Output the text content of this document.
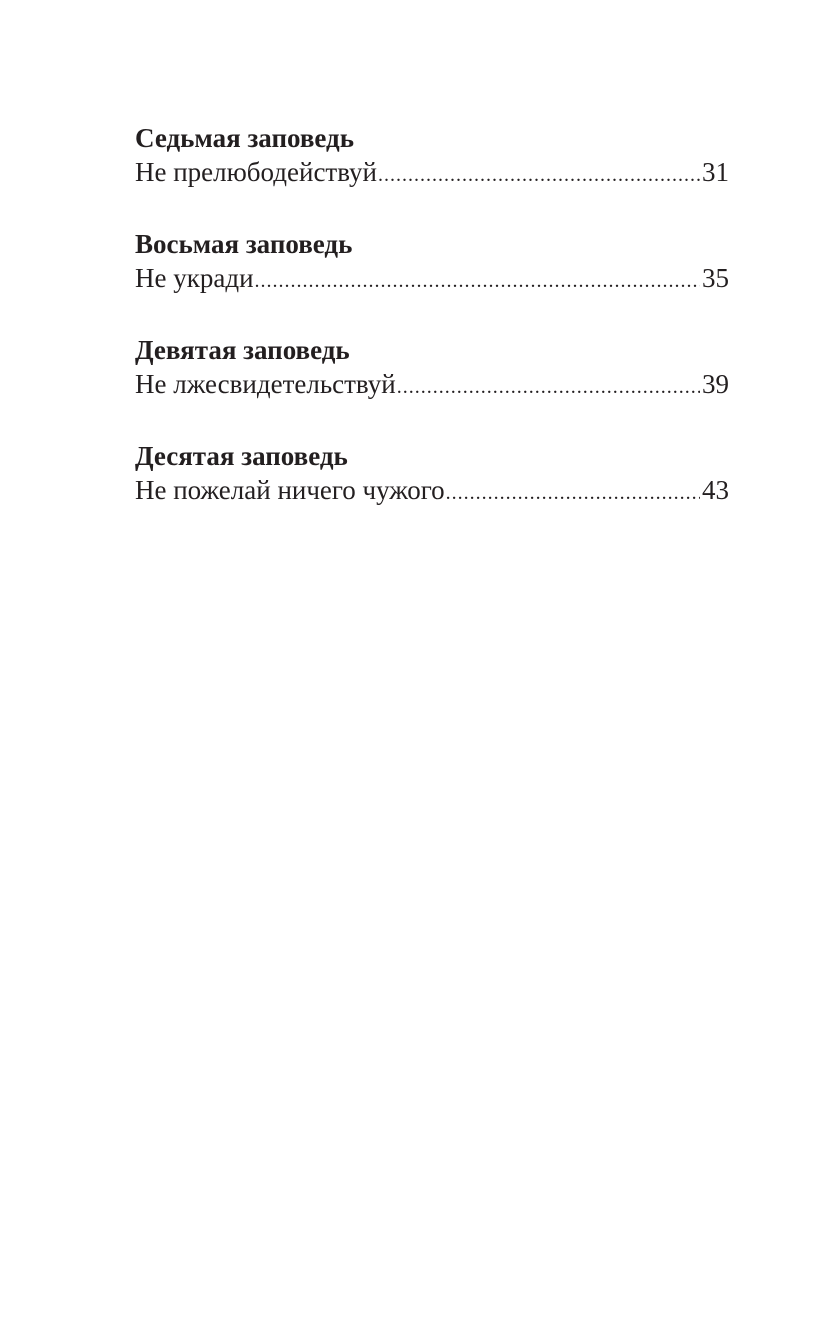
Седьмая заповедь
Не прелюбодействуй .....	31
Восьмая заповедь
Не укради .....	35
Девятая заповедь
Не лжесвидетельствуй .....	39
Десятая заповедь
Не пожелай ничего чужого .....	43
